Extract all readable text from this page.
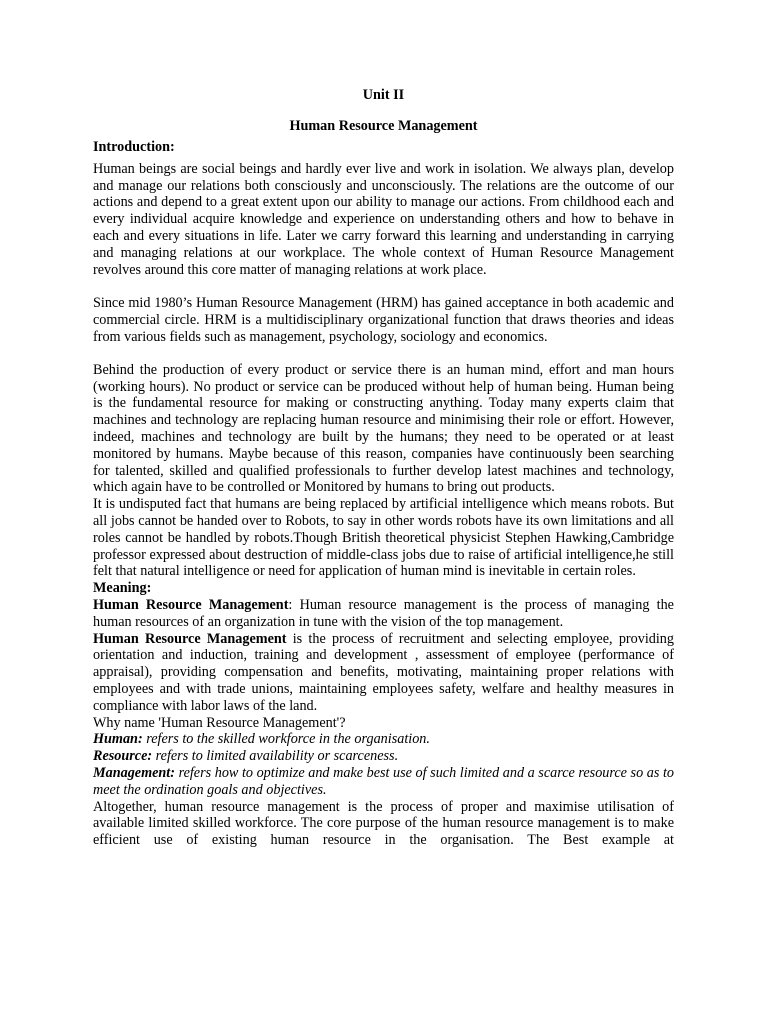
Unit II

Human Resource Management

Introduction:

Human beings are social beings and hardly ever live and work in isolation. We always plan, develop and manage our relations both consciously and unconsciously. The relations are the outcome of our actions and depend to a great extent upon our ability to manage our actions. From childhood each and every individual acquire knowledge and experience on understanding others and how to behave in each and every situations in life. Later we carry forward this learning and understanding in carrying and managing relations at our workplace. The whole context of Human Resource Management revolves around this core matter of managing relations at work place.

Since mid 1980’s Human Resource Management (HRM) has gained acceptance in both academic and commercial circle. HRM is a multidisciplinary organizational function that draws theories and ideas from various fields such as management, psychology, sociology and economics.

Behind the production of every product or service there is an human mind, effort and man hours (working hours). No product or service can be produced without help of human being. Human being is the fundamental resource for making or constructing anything. Today many experts claim that machines and technology are replacing human resource and minimising their role or effort. However, indeed, machines and technology are built by the humans; they need to be operated or at least monitored by humans. Maybe because of this reason, companies have continuously been searching for talented, skilled and qualified professionals to further develop latest machines and technology, which again have to be controlled or Monitored by humans to bring out products.

It is undisputed fact that humans are being replaced by artificial intelligence which means robots. But all jobs cannot be handed over to Robots, to say in other words robots have its own limitations and all roles cannot be handled by robots.Though British theoretical physicist Stephen Hawking,Cambridge professor expressed about destruction of middle-class jobs due to raise of artificial intelligence,he still felt that natural intelligence or need for application of human mind is inevitable in certain roles.

Meaning:

Human Resource Management: Human resource management is the process of managing the human resources of an organization in tune with the vision of the top management.

Human Resource Management is the process of recruitment and selecting employee, providing orientation and induction, training and development , assessment of employee (performance of appraisal), providing compensation and benefits, motivating, maintaining proper relations with employees and with trade unions, maintaining employees safety, welfare and healthy measures in compliance with labor laws of the land.

Why name 'Human Resource Management'?

Human: refers to the skilled workforce in the organisation.

Resource: refers to limited availability or scarceness.

Management: refers how to optimize and make best use of such limited and a scarce resource so as to meet the ordination goals and objectives.

Altogether, human resource management is the process of proper and maximise utilisation of available limited skilled workforce. The core purpose of the human resource management is to make efficient use of existing human resource in the organisation. The Best example at
